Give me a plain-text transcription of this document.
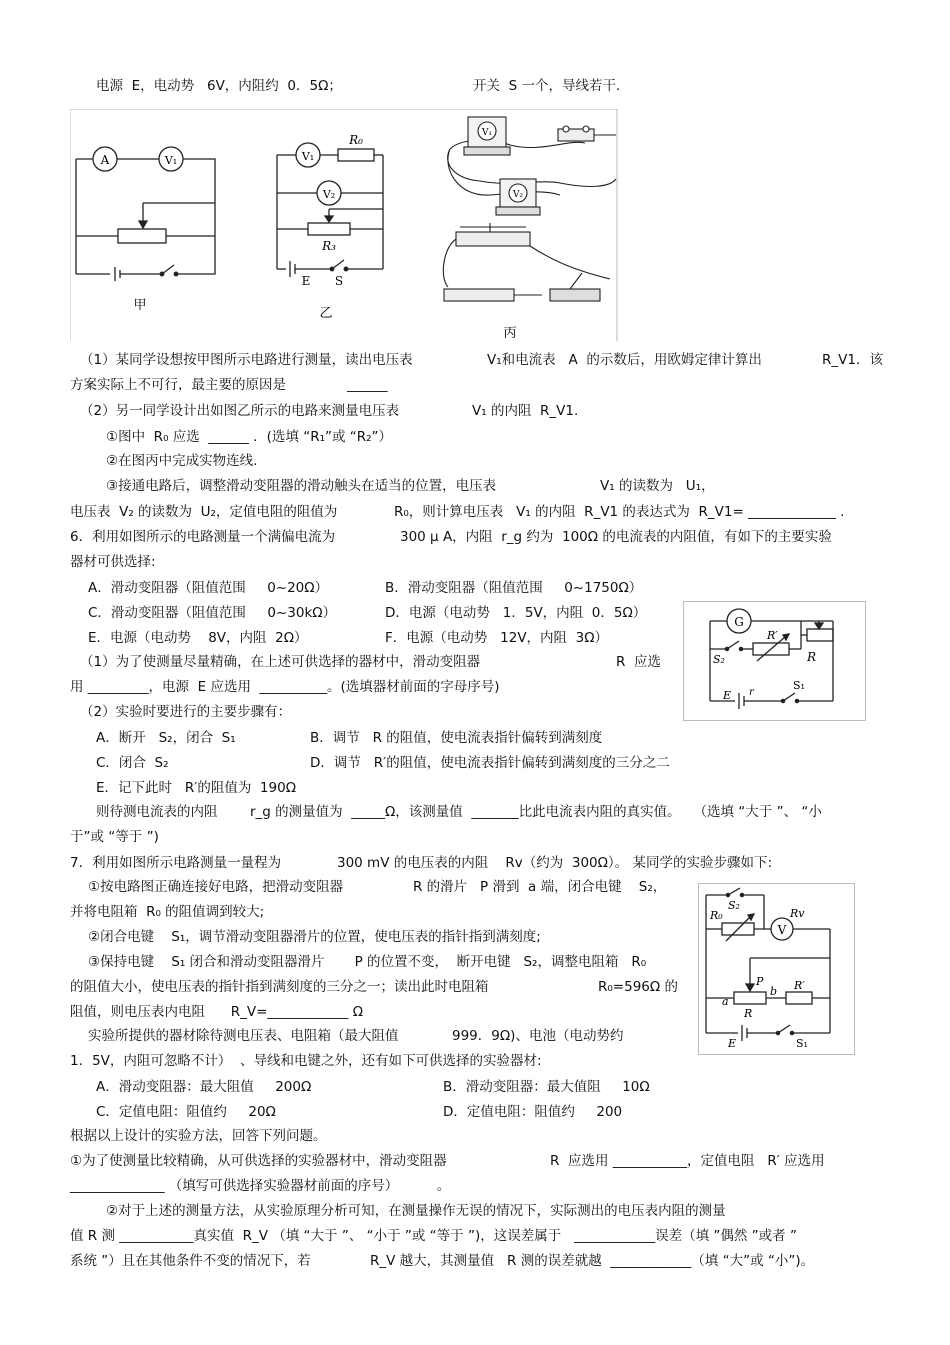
电源  E，电动势   6V，内阻约  0．5Ω；	开关  S 一个，导线若干.
（1）某同学设想按甲图所示电路进行测量，读出电压表	V₁和电流表   A  的示数后，用欧姆定律计算出	R_V1．该
方案实际上不可行，最主要的原因是	______
（2）另一同学设计出如图乙所示的电路来测量电压表	V₁ 的内阻  R_V1.
①图中  R₀ 应选  ______ ．(选填 “R₁”或 “R₂”）
②在图丙中完成实物连线.
③接通电路后，调整滑动变阻器的滑动触头在适当的位置，电压表	V₁ 的读数为   U₁，
电压表  V₂ 的读数为  U₂，定值电阻的阻值为	R₀，则计算电压表   V₁ 的内阻  R_V1 的表达式为  R_V1= _____________ .
6．利用如图所示的电路测量一个满偏电流为	300 μ A，内阻  r_g 约为  100Ω 的电流表的内阻值，有如下的主要实验
器材可供选择:
A．滑动变阻器（阻值范围     0~20Ω）	B．滑动变阻器（阻值范围     0~1750Ω）
C．滑动变阻器（阻值范围     0~30kΩ）	D．电源（电动势   1．5V，内阻  0．5Ω）
E．电源（电动势    8V，内阻  2Ω）	F．电源（电动势   12V，内阻  3Ω）
（1）为了使测量尽量精确，在上述可供选择的器材中，滑动变阻器	R  应选
用 _________，电源  E 应选用  __________。(选填器材前面的字母序号)
（2）实验时要进行的主要步骤有：
A．断开   S₂，闭合  S₁	B．调节   R 的阻值，使电流表指针偏转到满刻度
C．闭合  S₂	D．调节   R′的阻值，使电流表指针偏转到满刻度的三分之二
E．记下此时   R′的阻值为  190Ω
则待测电流表的内阻 r_g 的测量值为  _____Ω，该测量值  _______比此电流表内阻的真实值。   （选填 “大于 ”、 “小
于”或 “等于 ”)
7．利用如图所示电路测量一量程为	300 mV 的电压表的内阻    Rv（约为  300Ω）。 某同学的实验步骤如下:
①按电路图正确连接好电路，把滑动变阻器	R 的滑片   P 滑到  a 端，闭合电键    S₂，
并将电阻箱  R₀ 的阻值调到较大;
②闭合电键    S₁，调节滑动变阻器滑片的位置，使电压表的指针指到满刻度;
③保持电键    S₁ 闭合和滑动变阻器滑片       P 的位置不变，  断开电键   S₂，调整电阻箱   R₀
的阻值大小，使电压表的指针指到满刻度的三分之一；读出此时电阻箱	R₀=596Ω 的
阻值，则电压表内电阻      R_V=____________ Ω
实验所提供的器材除待测电压表、电阻箱（最大阻值	999．9Ω)、电池（电动势约
1．5V，内阻可忽略不计）  、导线和电键之外，还有如下可供选择的实验器材:
A．滑动变阻器：最大阻值     200Ω	B．滑动变阻器：最大值阻     10Ω
C．定值电阻：阻值约     20Ω	D．定值电阻：阻值约     200
根据以上设计的实验方法，回答下列问题。
①为了使测量比较精确，从可供选择的实验器材中，滑动变阻器	R  应选用 ___________，定值电阻   R′ 应选用
______________ （填写可供选择实验器材前面的序号）         。
②对于上述的测量方法，从实验原理分析可知，在测量操作无误的情况下，实际测出的电压表内阻的测量
值 R 测 ___________真实值  R_V （填 “大于 ”、 “小于 ”或 “等于 ”)，这误差属于   ____________误差（填 ”偶然 ”或者 ”
系统 ”）且在其他条件不变的情况下，若	R_V 越大，其测量值   R 测的误差就越  ____________（填 “大”或 “小”)。
A	V₁
甲
V₁
V₂
R₀
R₃
E S
乙
V₁
V₂
丙
G
S₂
R′
R
E r
S₁
V
S₂
R₀	Rv
P
a
b
R
R′
E	S₁
